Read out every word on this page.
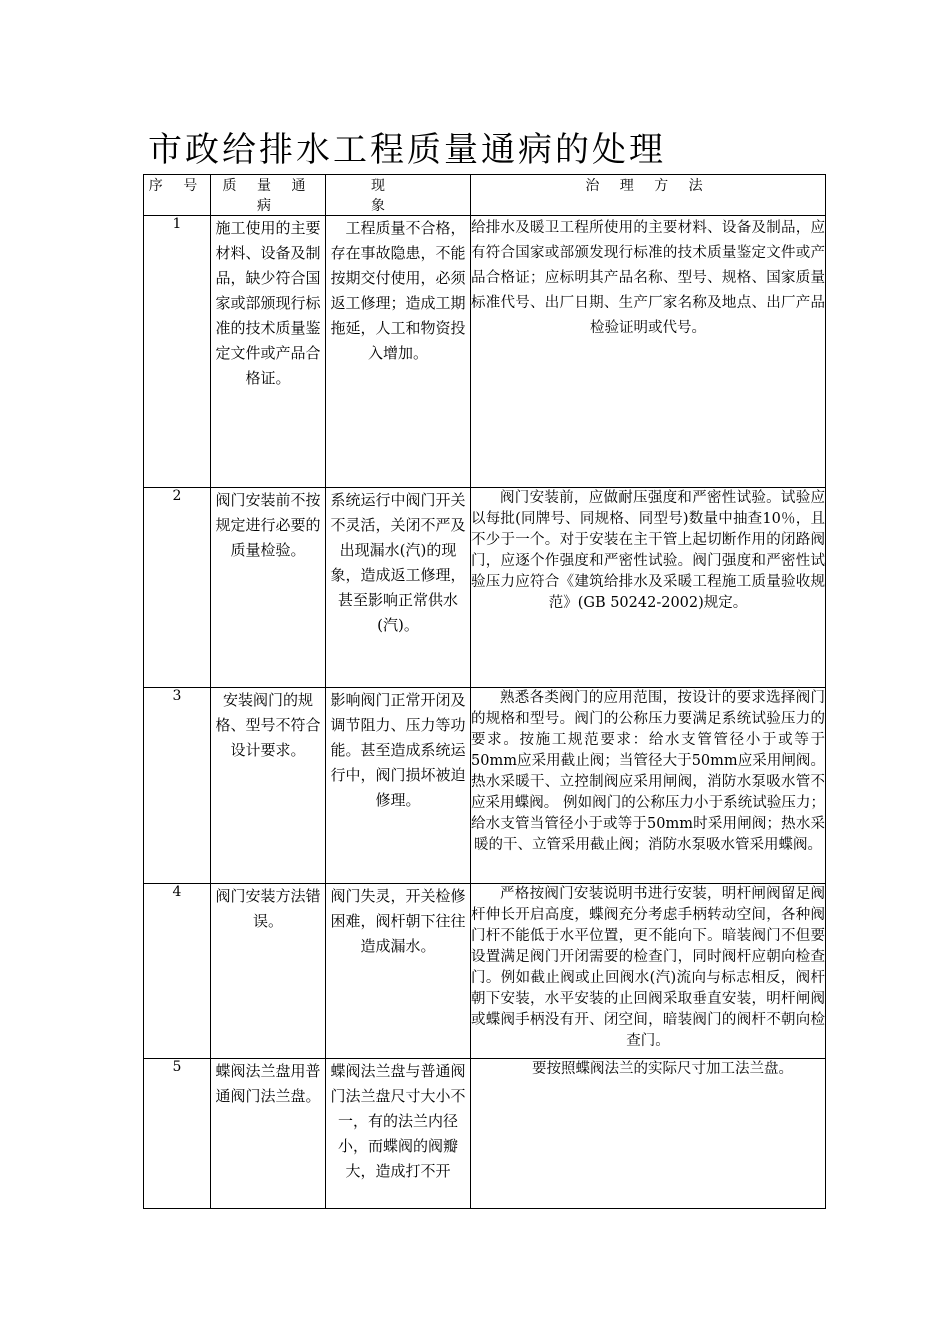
市政给排水工程质量通病的处理
序 号	质 量 通 病	现 象	治 理 方 法
1	施工使用的主要材料、设备及制品，缺少符合国家或部颁现行标准的技术质量鉴定文件或产品合格证。	工程质量不合格，存在事故隐患，不能按期交付使用，必须返工修理；造成工期拖延，人工和物资投入增加。	给排水及暖卫工程所使用的主要材料、设备及制品，应有符合国家或部颁发现行标准的技术质量鉴定文件或产品合格证；应标明其产品名称、型号、规格、国家质量标准代号、出厂日期、生产厂家名称及地点、出厂产品检验证明或代号。
2	阀门安装前不按规定进行必要的质量检验。	系统运行中阀门开关不灵活，关闭不严及出现漏水(汽)的现象，造成返工修理，甚至影响正常供水(汽)。	阀门安装前，应做耐压强度和严密性试验。试验应以每批(同牌号、同规格、同型号)数量中抽查10％，且不少于一个。对于安装在主干管上起切断作用的闭路阀门，应逐个作强度和严密性试验。阀门强度和严密性试验压力应符合《建筑给排水及采暖工程施工质量验收规范》(GB 50242-2002)规定。
3	安装阀门的规格、型号不符合设计要求。	影响阀门正常开闭及调节阻力、压力等功能。甚至造成系统运行中，阀门损坏被迫修理。	熟悉各类阀门的应用范围，按设计的要求选择阀门的规格和型号。阀门的公称压力要满足系统试验压力的要求。按施工规范要求：给水支管管径小于或等于50mm应采用截止阀；当管径大于50mm应采用闸阀。热水采暖干、立控制阀应采用闸阀，消防水泵吸水管不应采用蝶阀。 例如阀门的公称压力小于系统试验压力；给水支管当管径小于或等于50mm时采用闸阀；热水采暖的干、立管采用截止阀；消防水泵吸水管采用蝶阀。
4	阀门安装方法错误。	阀门失灵，开关检修困难，阀杆朝下往往造成漏水。	严格按阀门安装说明书进行安装，明杆闸阀留足阀杆伸长开启高度，蝶阀充分考虑手柄转动空间，各种阀门杆不能低于水平位置，更不能向下。暗装阀门不但要设置满足阀门开闭需要的检查门，同时阀杆应朝向检查门。例如截止阀或止回阀水(汽)流向与标志相反，阀杆朝下安装，水平安装的止回阀采取垂直安装，明杆闸阀或蝶阀手柄没有开、闭空间，暗装阀门的阀杆不朝向检查门。
5	蝶阀法兰盘用普通阀门法兰盘。	蝶阀法兰盘与普通阀门法兰盘尺寸大小不一，有的法兰内径小，而蝶阀的阀瓣大，造成打不开	要按照蝶阀法兰的实际尺寸加工法兰盘。
